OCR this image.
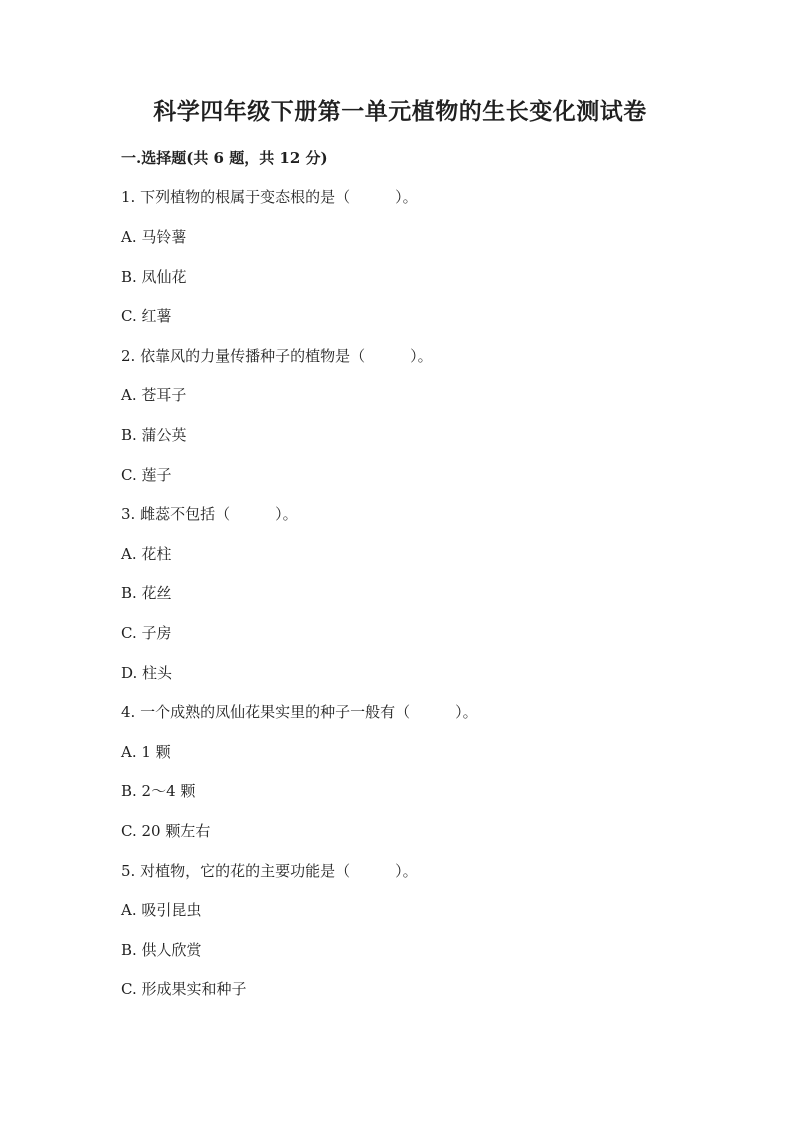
科学四年级下册第一单元植物的生长变化测试卷
一.选择题(共 6 题，共 12 分)
1. 下列植物的根属于变态根的是（　　　）。
A. 马铃薯
B. 凤仙花
C. 红薯
2. 依靠风的力量传播种子的植物是（　　　）。
A. 苍耳子
B. 蒲公英
C. 莲子
3. 雌蕊不包括（　　　）。
A. 花柱
B. 花丝
C. 子房
D. 柱头
4. 一个成熟的凤仙花果实里的种子一般有（　　　）。
A. 1 颗
B. 2～4 颗
C. 20 颗左右
5. 对植物，它的花的主要功能是（　　　）。
A. 吸引昆虫
B. 供人欣赏
C. 形成果实和种子
